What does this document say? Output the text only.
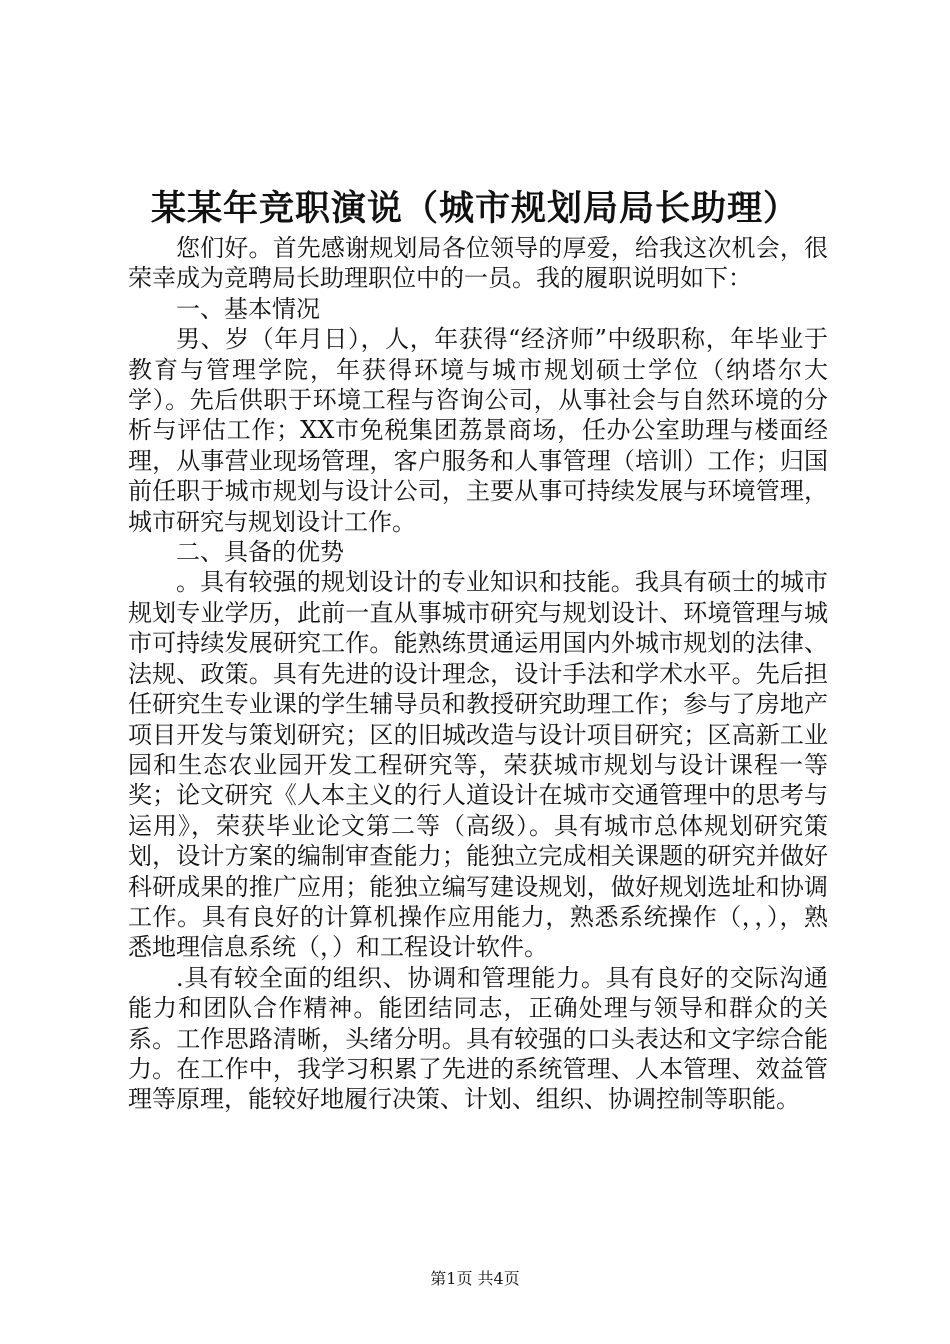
某某年竞职演说（城市规划局局长助理）

您们好。首先感谢规划局各位领导的厚爱，给我这次机会，很荣幸成为竞聘局长助理职位中的一员。我的履职说明如下：

一、基本情况

男、岁（年月日），人，年获得“经济师”中级职称，年毕业于教育与管理学院，年获得环境与城市规划硕士学位（纳塔尔大学）。先后供职于环境工程与咨询公司，从事社会与自然环境的分析与评估工作；XX市免税集团荔景商场，任办公室助理与楼面经理，从事营业现场管理，客户服务和人事管理（培训）工作；归国前任职于城市规划与设计公司，主要从事可持续发展与环境管理，城市研究与规划设计工作。

二、具备的优势

。具有较强的规划设计的专业知识和技能。我具有硕士的城市规划专业学历，此前一直从事城市研究与规划设计、环境管理与城市可持续发展研究工作。能熟练贯通运用国内外城市规划的法律、法规、政策。具有先进的设计理念，设计手法和学术水平。先后担任研究生专业课的学生辅导员和教授研究助理工作；参与了房地产项目开发与策划研究；区的旧城改造与设计项目研究；区高新工业园和生态农业园开发工程研究等，荣获城市规划与设计课程一等奖；论文研究《人本主义的行人道设计在城市交通管理中的思考与运用》，荣获毕业论文第二等（高级）。具有城市总体规划研究策划，设计方案的编制审查能力；能独立完成相关课题的研究并做好科研成果的推广应用；能独立编写建设规划，做好规划选址和协调工作。具有良好的计算机操作应用能力，熟悉系统操作（，，），熟悉地理信息系统（，）和工程设计软件。

.具有较全面的组织、协调和管理能力。具有良好的交际沟通能力和团队合作精神。能团结同志，正确处理与领导和群众的关系。工作思路清晰，头绪分明。具有较强的口头表达和文字综合能力。在工作中，我学习积累了先进的系统管理、人本管理、效益管理等原理，能较好地履行决策、计划、组织、协调控制等职能。

第1页 共4页
